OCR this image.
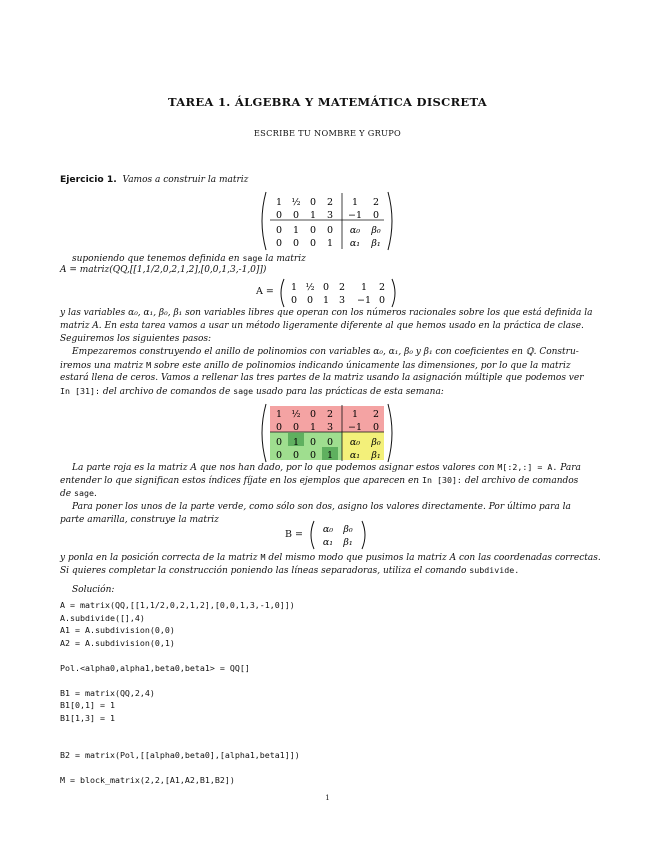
TAREA 1. ÁLGEBRA Y MATEMÁTICA DISCRETA
ESCRIBE TU NOMBRE Y GRUPO
Ejercicio 1. Vamos a construir la matriz
1 ½ 0 2 1 2
0 0 1 3 −1 0
0 1 0 0 α₀ β₀
0 0 0 1 α₁ β₁
suponiendo que tenemos definida en sage la matriz
A = matriz(QQ,[[1,1/2,0,2,1,2],[0,0,1,3,-1,0]])
A = 1 ½ 0 2 1 2
0 0 1 3 −1 0
y las variables α₀, α₁, β₀, β₁ son variables libres que operan con los números racionales sobre los que está definida la
matriz A. En esta tarea vamos a usar un método ligeramente diferente al que hemos usado en la práctica de clase.
Seguiremos los siguientes pasos:
Empezaremos construyendo el anillo de polinomios con variables α₀, α₁, β₀ y β₁ con coeficientes en ℚ. Constru-
iremos una matriz M sobre este anillo de polinomios indicando únicamente las dimensiones, por lo que la matriz
estará llena de ceros. Vamos a rellenar las tres partes de la matriz usando la asignación múltiple que podemos ver
In [31]: del archivo de comandos de sage usado para las prácticas de esta semana:
1 ½ 0 2 1 2
0 0 1 3 −1 0
0 1 0 0 α₀ β₀
0 0 0 1 α₁ β₁
La parte roja es la matriz A que nos han dado, por lo que podemos asignar estos valores con M[:2,:] = A. Para
entender lo que significan estos índices fíjate en los ejemplos que aparecen en In [30]: del archivo de comandos
de sage.
Para poner los unos de la parte verde, como sólo son dos, asigno los valores directamente. Por último para la
parte amarilla, construye la matriz
B = α₀ β₀
α₁ β₁
y ponla en la posición correcta de la matriz M del mismo modo que pusimos la matriz A con las coordenadas correctas.
Si quieres completar la construcción poniendo las líneas separadoras, utiliza el comando subdivide.
Solución:
A = matrix(QQ,[[1,1/2,0,2,1,2],[0,0,1,3,-1,0]])
A.subdivide([],4)
A1 = A.subdivision(0,0)
A2 = A.subdivision(0,1)
Pol.<alpha0,alpha1,beta0,beta1> = QQ[]
B1 = matrix(QQ,2,4)
B1[0,1] = 1
B1[1,3] = 1
B2 = matrix(Pol,[[alpha0,beta0],[alpha1,beta1]])
M = block_matrix(2,2,[A1,A2,B1,B2])
1
